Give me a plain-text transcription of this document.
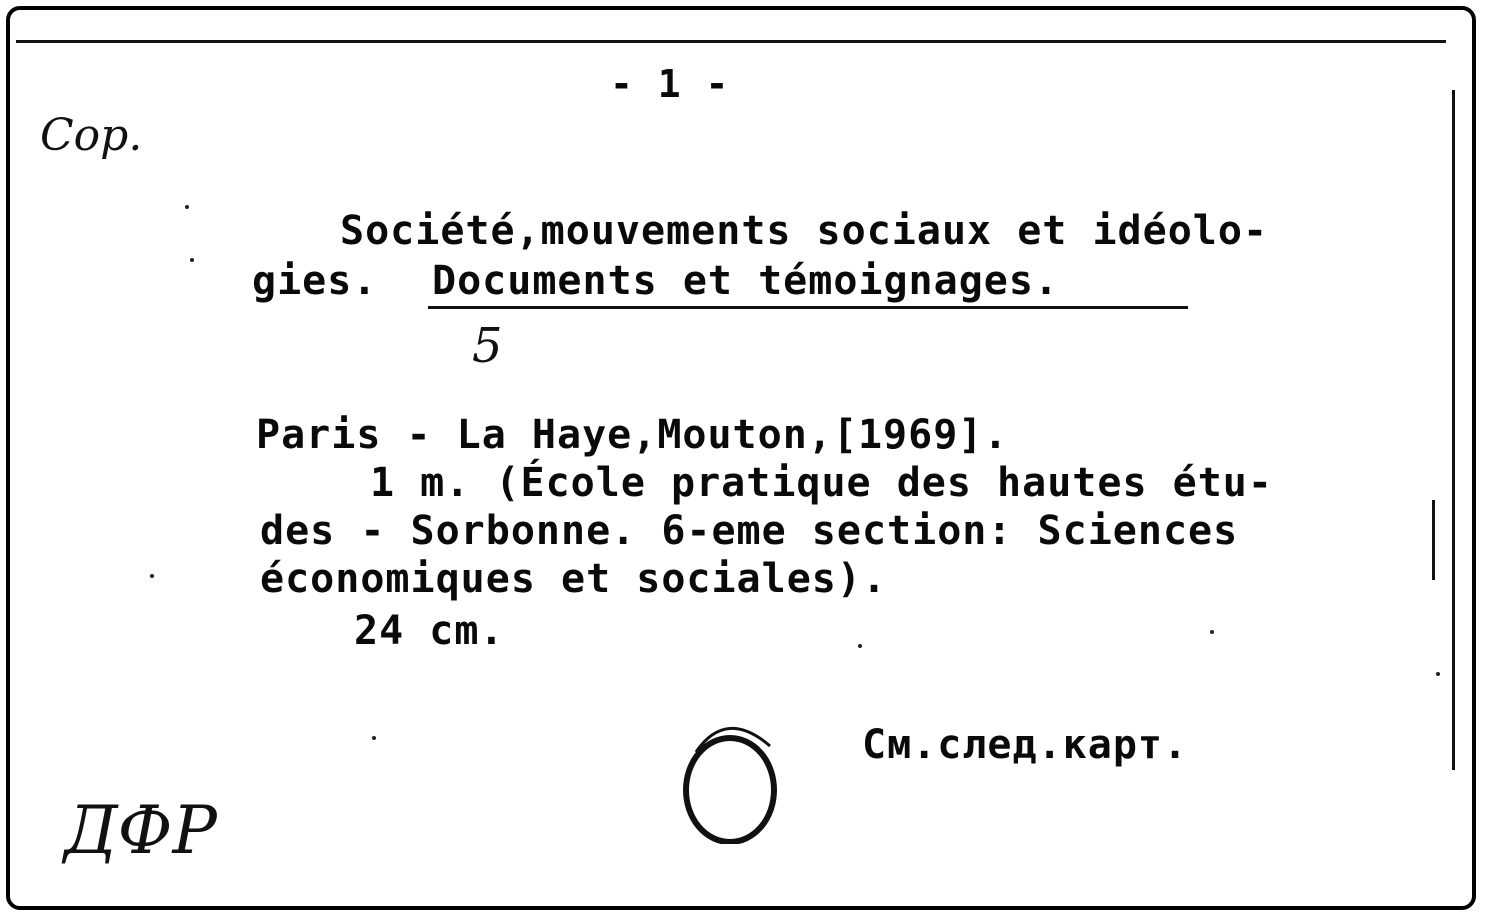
- 1 -
Cop.
Société,mouvements sociaux et idéolo-
gies. Documents et témoignages.
5
Paris - La Haye,Mouton,[1969].
1 m. (École pratique des hautes étu-
des - Sorbonne. 6-eme section: Sciences
économiques et sociales).
24 cm.
См.след.карт.
ДФР
